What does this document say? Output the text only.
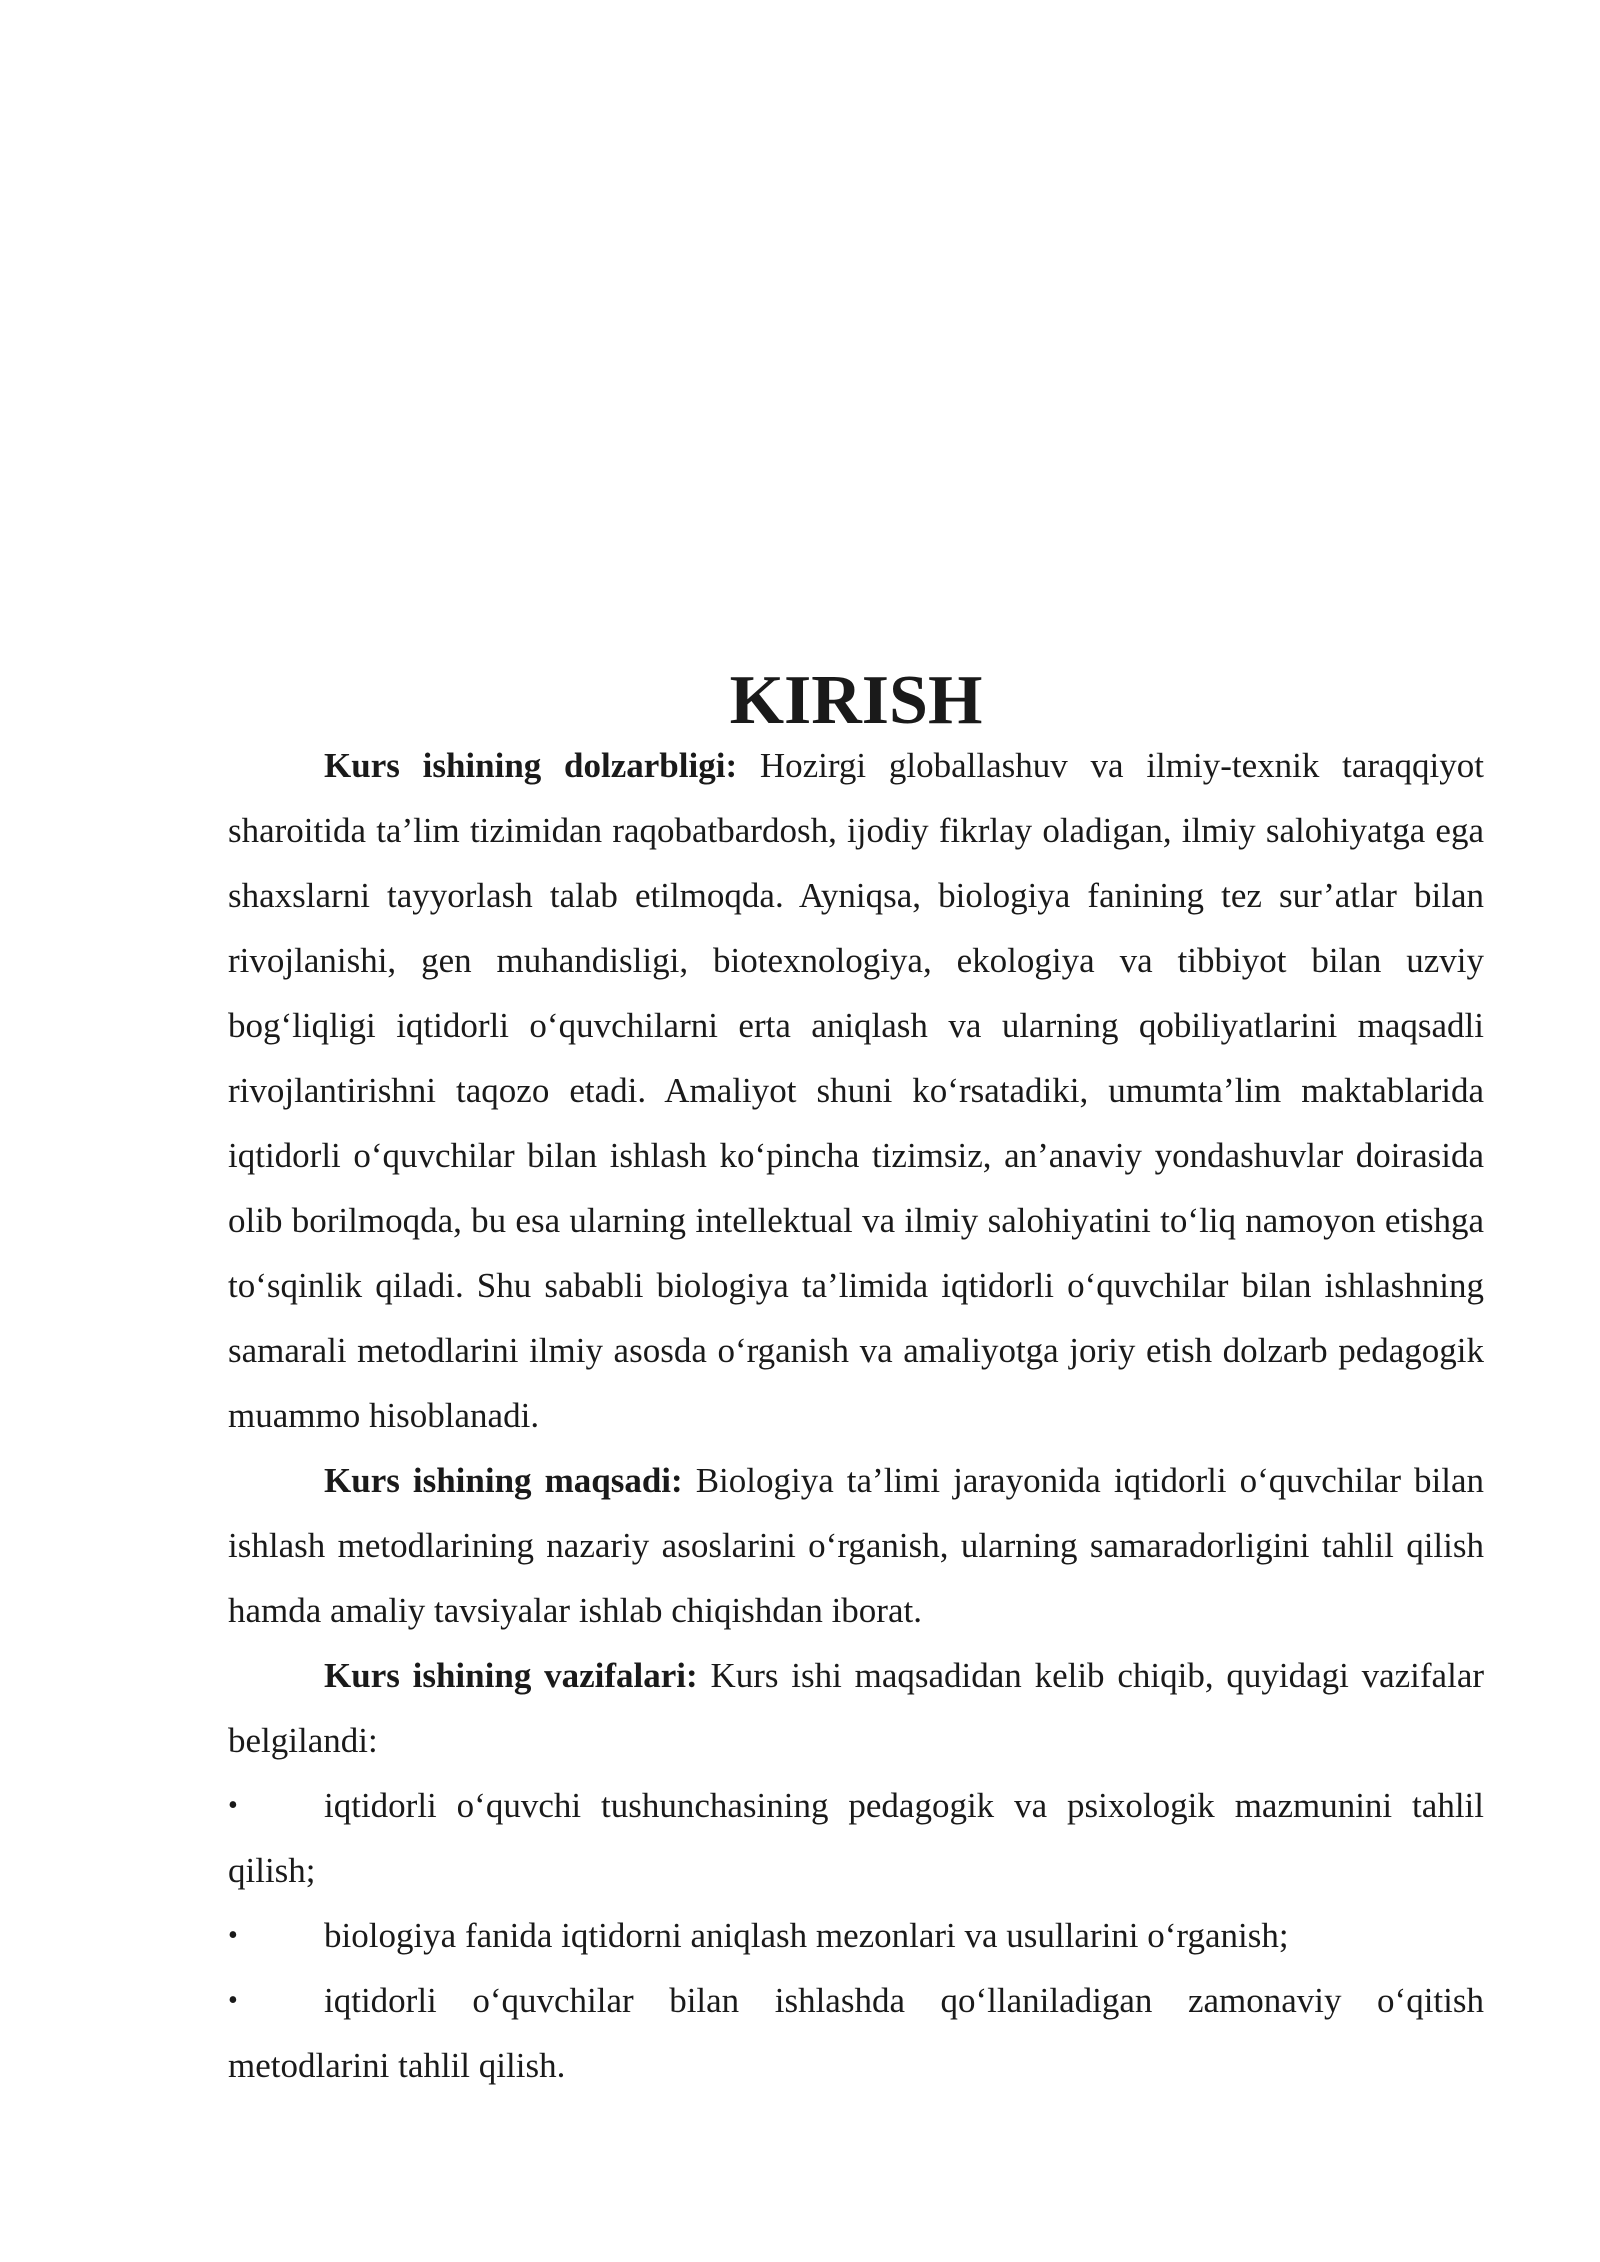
KIRISH

Kurs ishining dolzarbligi: Hozirgi globallashuv va ilmiy-texnik taraqqiyot sharoitida ta’lim tizimidan raqobatbardosh, ijodiy fikrlay oladigan, ilmiy salohiyatga ega shaxslarni tayyorlash talab etilmoqda. Ayniqsa, biologiya fanining tez sur’atlar bilan rivojlanishi, gen muhandisligi, biotexnologiya, ekologiya va tibbiyot bilan uzviy bog‘liqligi iqtidorli o‘quvchilarni erta aniqlash va ularning qobiliyatlarini maqsadli rivojlantirishni taqozo etadi. Amaliyot shuni ko‘rsatadiki, umumta’lim maktablarida iqtidorli o‘quvchilar bilan ishlash ko‘pincha tizimsiz, an’anaviy yondashuvlar doirasida olib borilmoqda, bu esa ularning intellektual va ilmiy salohiyatini to‘liq namoyon etishga to‘sqinlik qiladi. Shu sababli biologiya ta’limida iqtidorli o‘quvchilar bilan ishlashning samarali metodlarini ilmiy asosda o‘rganish va amaliyotga joriy etish dolzarb pedagogik muammo hisoblanadi.

Kurs ishining maqsadi: Biologiya ta’limi jarayonida iqtidorli o‘quvchilar bilan ishlash metodlarining nazariy asoslarini o‘rganish, ularning samaradorligini tahlil qilish hamda amaliy tavsiyalar ishlab chiqishdan iborat.

Kurs ishining vazifalari: Kurs ishi maqsadidan kelib chiqib, quyidagi vazifalar belgilandi:

• iqtidorli o‘quvchi tushunchasining pedagogik va psixologik mazmunini tahlil qilish;
• biologiya fanida iqtidorni aniqlash mezonlari va usullarini o‘rganish;
• iqtidorli o‘quvchilar bilan ishlashda qo‘llaniladigan zamonaviy o‘qitish metodlarini tahlil qilish.
